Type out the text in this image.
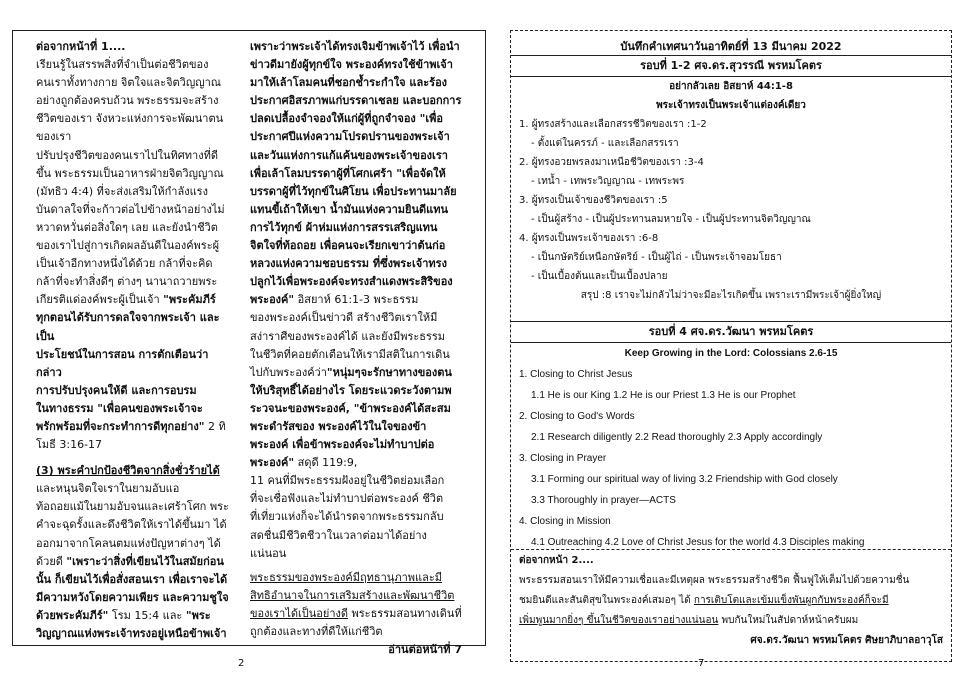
ต่อจากหน้าที่ 1....
เรียนรู้ในสรรพสิ่งที่จำเป็นต่อชีวิตของ
คนเราทั้งทางกาย จิตใจและจิตวิญญาณ
อย่างถูกต้องครบถ้วน พระธรรมจะสร้าง
ชีวิตของเรา จังหวะแห่งการจะพัฒนาตนของเรา
ปรับปรุงชีวิตของคนเราไปในทิศทางที่ดี
ขึ้น พระธรรมเป็นอาหารฝ่ายจิตวิญญาณ
(มัทธิว 4:4) ที่จะส่งเสริมให้กำลังแรง
บันดาลใจที่จะก้าวต่อไปข้างหน้าอย่างไม่
หวาดหวั่นต่อสิ่งใดๆ เลย และยังนำชีวิต
ของเราไปสู่การเกิดผลอันดีในองค์พระผู้
เป็นเจ้าอีกทางหนึ่งได้ด้วย กล้าที่จะคิด
กล้าที่จะทำสิ่งดีๆ ต่างๆ นานาถวายพระ
เกียรติแด่องค์พระผู้เป็นเจ้า "พระคัมภีร์
ทุกตอนได้รับการดลใจจากพระเจ้า และเป็น
ประโยชน์ในการสอน การตักเตือนว่ากล่าว
การปรับปรุงคนให้ดี และการอบรม
ในทางธรรม "เพื่อคนของพระเจ้าจะ
พรักพร้อมที่จะกระทำการดีทุกอย่าง" 2 ทิโมธี 3:16-17
(3) พระคำปกป้องชีวิตจากสิ่งชั่วร้ายได้ และหนุนจิตใจเราในยามอับแอ
ท้อถอยแม้ในยามอับจนและเศร้าโศก พระ
คำจะฉุดรั้งและดึงชีวิตให้เราได้ขึ้นมา ได้
ออกมาจากโคลนตมแห่งปัญหาต่างๆ ได้
ด้วยดี "เพราะว่าสิ่งที่เขียนไว้ในสมัยก่อนนั้น ก็เขียนไว้เพื่อสั่งสอนเรา เพื่อเราจะได้มีความหวังโดยความเพียร และความชูใจด้วยพระคัมภีร์" โรม 15:4 และ "พระวิญญาณแห่งพระเจ้าทรงอยู่เหนือข้าพเจ้า
เพราะว่าพระเจ้าได้ทรงเจิมข้าพเจ้าไว้ เพื่อนำข่าวดีมายังผู้ทุกข์ใจ พระองค์ทรงใช้ข้าพเจ้ามาให้เล้าโลมคนที่ชอกช้ำระกำใจ และร้องประกาศอิสรภาพแก่บรรดาเชลย และบอกการปลดเปลื้องจำจองให้แก่ผู้ที่ถูกจำจอง "เพื่อประกาศปีแห่งความโปรดปรานของพระเจ้า และวันแห่งการแก้แค้นของพระเจ้าของเรา เพื่อเล้าโลมบรรดาผู้ที่โศกเศร้า "เพื่อจัดให้บรรดาผู้ที่ไว้ทุกข์ในศิโยน เพื่อประทานมาลัยแทนขี้เถ้าให้เขา น้ำมันแห่งความยินดีแทนการไว้ทุกข์ ผ้าห่มแห่งการสรรเสริญแทนจิตใจที่ท้อถอย เพื่อคนจะเรียกเขาว่าต้นก่อหลวงแห่งความชอบธรรม ที่ซึ่งพระเจ้าทรงปลูกไว้เพื่อพระองค์จะทรงสำแดงพระสิริของพระองค์" อิสยาห์ 61:1-3 พระธรรม
ของพระองค์เป็นข่าวดี สร้างชีวิตเราให้มี
สง่าราศีของพระองค์ได้ และยังมีพระธรรม
ในชีวิตที่คอยตักเตือนให้เรามีสติในการเดิน
ไปกับพระองค์ว่า"หนุ่มๆจะรักษาทางของตนให้บริสุทธิ์ได้อย่างไร โดยระแวดระวังตามพระวจนะของพระองค์, "ข้าพระองค์ได้สะสมพระดำรัสของ พระองค์ไว้ในใจของข้าพระองค์ เพื่อข้าพระองค์จะไม่ทำบาปต่อพระองค์" สดุดี 119:9,
11 คนที่มีพระธรรมฝังอยู่ในชีวิตย่อมเลือก
ที่จะเชื่อฟังและไม่ทำบาปต่อพระองค์ ชีวิต
ที่เที่ยวแห่งก็จะได้นำรดจากพระธรรมกลับ
สดชื่นมีชีวิตชีวาในเวลาต่อมาได้อย่าง
แน่นอน
พระธรรมของพระองค์มีฤทธานุภาพและมีสิทธิอำนาจในการเสริมสร้างและพัฒนาชีวิตของเราได้เป็นอย่างดี พระธรรมสอนทางเดินที่ถูกต้องและทางที่ดีให้แก่ชีวิต
อ่านต่อหน้าที่ 7
2
บันทึกคำเทศนาวันอาทิตย์ที่ 13 มีนาคม 2022
รอบที่ 1-2 ศจ.ดร.สุวรรณี พรหมโคตร
อย่ากลัวเลย อิสยาห์ 44:1-8
พระเจ้าทรงเป็นพระเจ้าแต่องค์เดียว
1. ผู้ทรงสร้างและเลือกสรรชีวิตของเรา :1-2
- ตั้งแต่ในครรภ์ - และเลือกสรรเรา
2. ผู้ทรงอวยพรลงมาเหนือชีวิตของเรา :3-4
- เทน้ำ - เทพระวิญญาณ - เทพระพร
3. ผู้ทรงเป็นเจ้าของชีวิตของเรา :5
- เป็นผู้สร้าง - เป็นผู้ประทานลมหายใจ - เป็นผู้ประทานจิตวิญญาณ
4. ผู้ทรงเป็นพระเจ้าของเรา :6-8
- เป็นกษัตริย์เหนือกษัตริย์ - เป็นผู้ไถ่ - เป็นพระเจ้าจอมโยธา
- เป็นเบื้องต้นและเป็นเบื้องปลาย
สรุป :8 เราจะไม่กลัวไม่ว่าจะมีอะไรเกิดขึ้น เพราะเรามีพระเจ้าผู้ยิ่งใหญ่
รอบที่ 4 ศจ.ดร.วัฒนา พรหมโคตร
Keep Growing in the Lord: Colossians 2.6-15
1. Closing to Christ Jesus
1.1 He is our King 1.2 He is our Priest 1.3 He is our Prophet
2. Closing to God's Words
2.1 Research diligently 2.2 Read thoroughly 2.3 Apply accordingly
3. Closing in Prayer
3.1 Forming our spiritual way of living 3.2 Friendship with God closely
3.3 Thoroughly in prayer—ACTS
4. Closing in Mission
4.1 Outreaching 4.2 Love of Christ Jesus for the world 4.3 Disciples making
ต่อจากหน้า 2....
พระธรรมสอนเราให้มีความเชื่อและมีเหตุผล พระธรรมสร้างชีวิต ฟื้นฟูให้เต็มไปด้วยความชื่น
ชมยินดีและสันติสุขในพระองค์เสมอๆ ได้ การเติบโตและเข้มแข็งพันผูกกับพระองค์ก็จะมี
เพิ่มพูนมากยิ่งๆ ขึ้นในชีวิตของเราอย่างแน่นอน พบกันใหม่ในสัปดาห์หน้าครับผม
ศจ.ดร.วัฒนา พรหมโคตร ศิษยาภิบาลอาวุโส
7
